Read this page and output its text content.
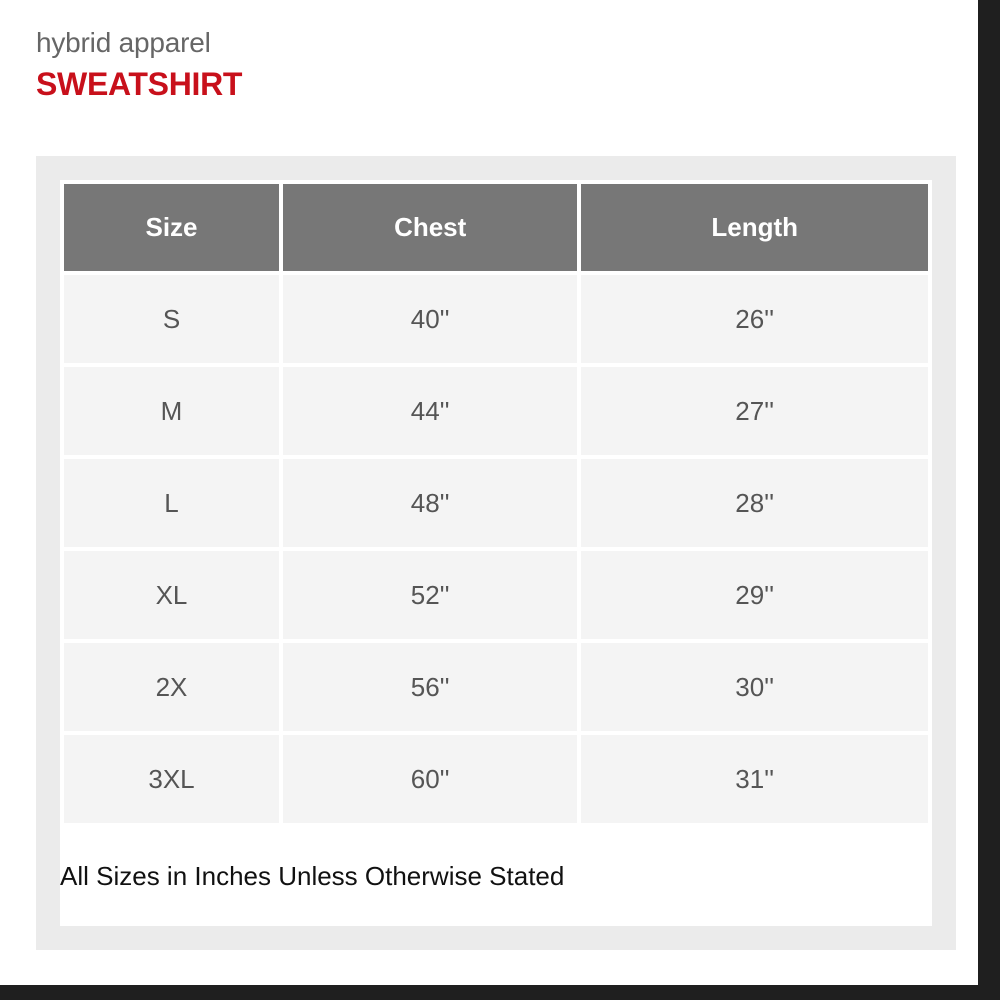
hybrid apparel
SWEATSHIRT
Size	Chest	Length
S	40''	26''
M	44''	27''
L	48''	28''
XL	52''	29''
2X	56''	30''
3XL	60''	31''
All Sizes in Inches Unless Otherwise Stated
